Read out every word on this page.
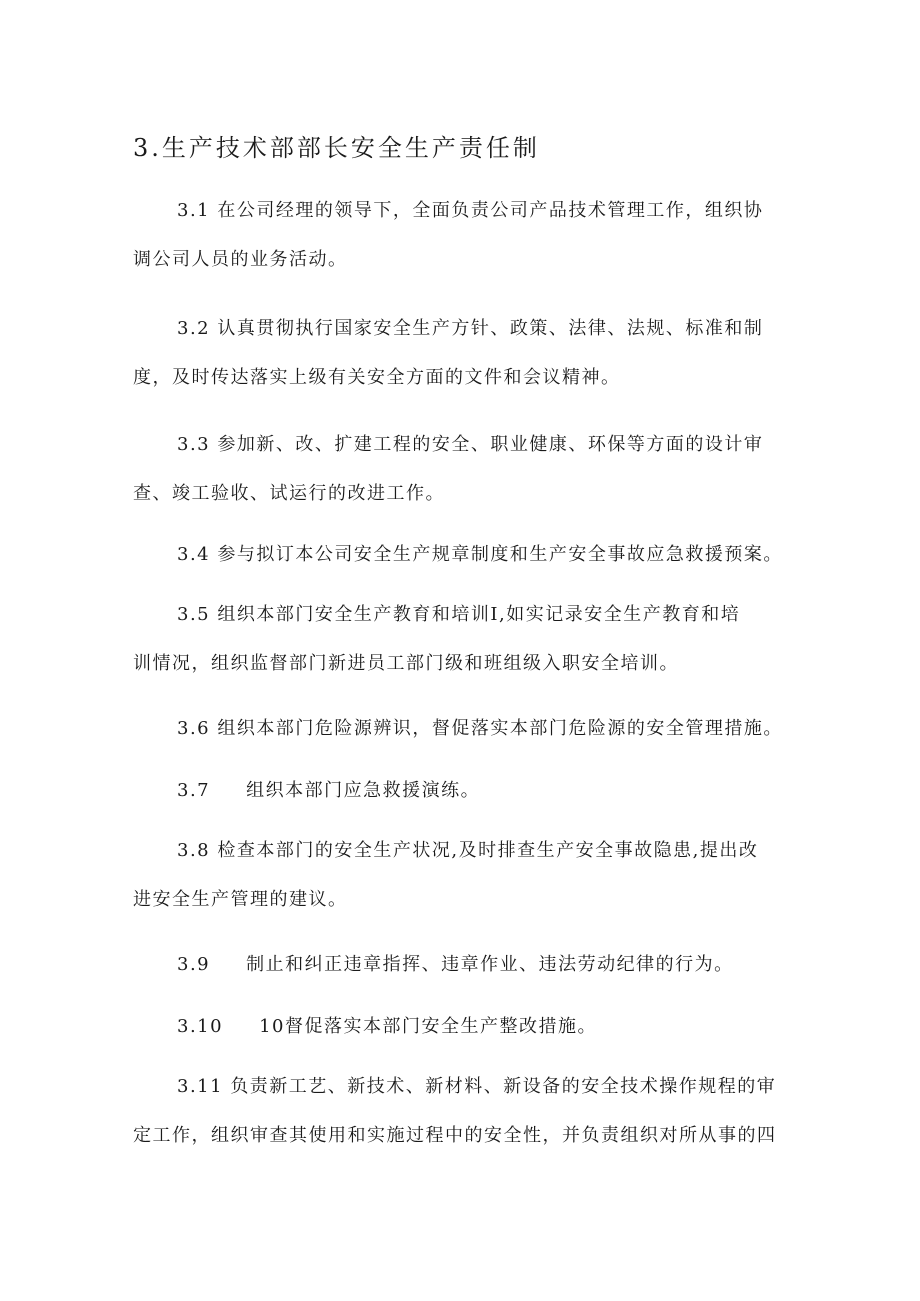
3.生产技术部部长安全生产责任制
3.1 在公司经理的领导下，全面负责公司产品技术管理工作，组织协
调公司人员的业务活动。
3.2 认真贯彻执行国家安全生产方针、政策、法律、法规、标准和制
度，及时传达落实上级有关安全方面的文件和会议精神。
3.3 参加新、改、扩建工程的安全、职业健康、环保等方面的设计审
查、竣工验收、试运行的改进工作。
3.4 参与拟订本公司安全生产规章制度和生产安全事故应急救援预案。
3.5 组织本部门安全生产教育和培训I,如实记录安全生产教育和培
训情况，组织监督部门新进员工部门级和班组级入职安全培训。
3.6 组织本部门危险源辨识，督促落实本部门危险源的安全管理措施。
3.7 组织本部门应急救援演练。
3.8 检查本部门的安全生产状况,及时排查生产安全事故隐患,提出改
进安全生产管理的建议。
3.9 制止和纠正违章指挥、违章作业、违法劳动纪律的行为。
3.10 10督促落实本部门安全生产整改措施。
3.11 负责新工艺、新技术、新材料、新设备的安全技术操作规程的审
定工作，组织审查其使用和实施过程中的安全性，并负责组织对所从事的四
